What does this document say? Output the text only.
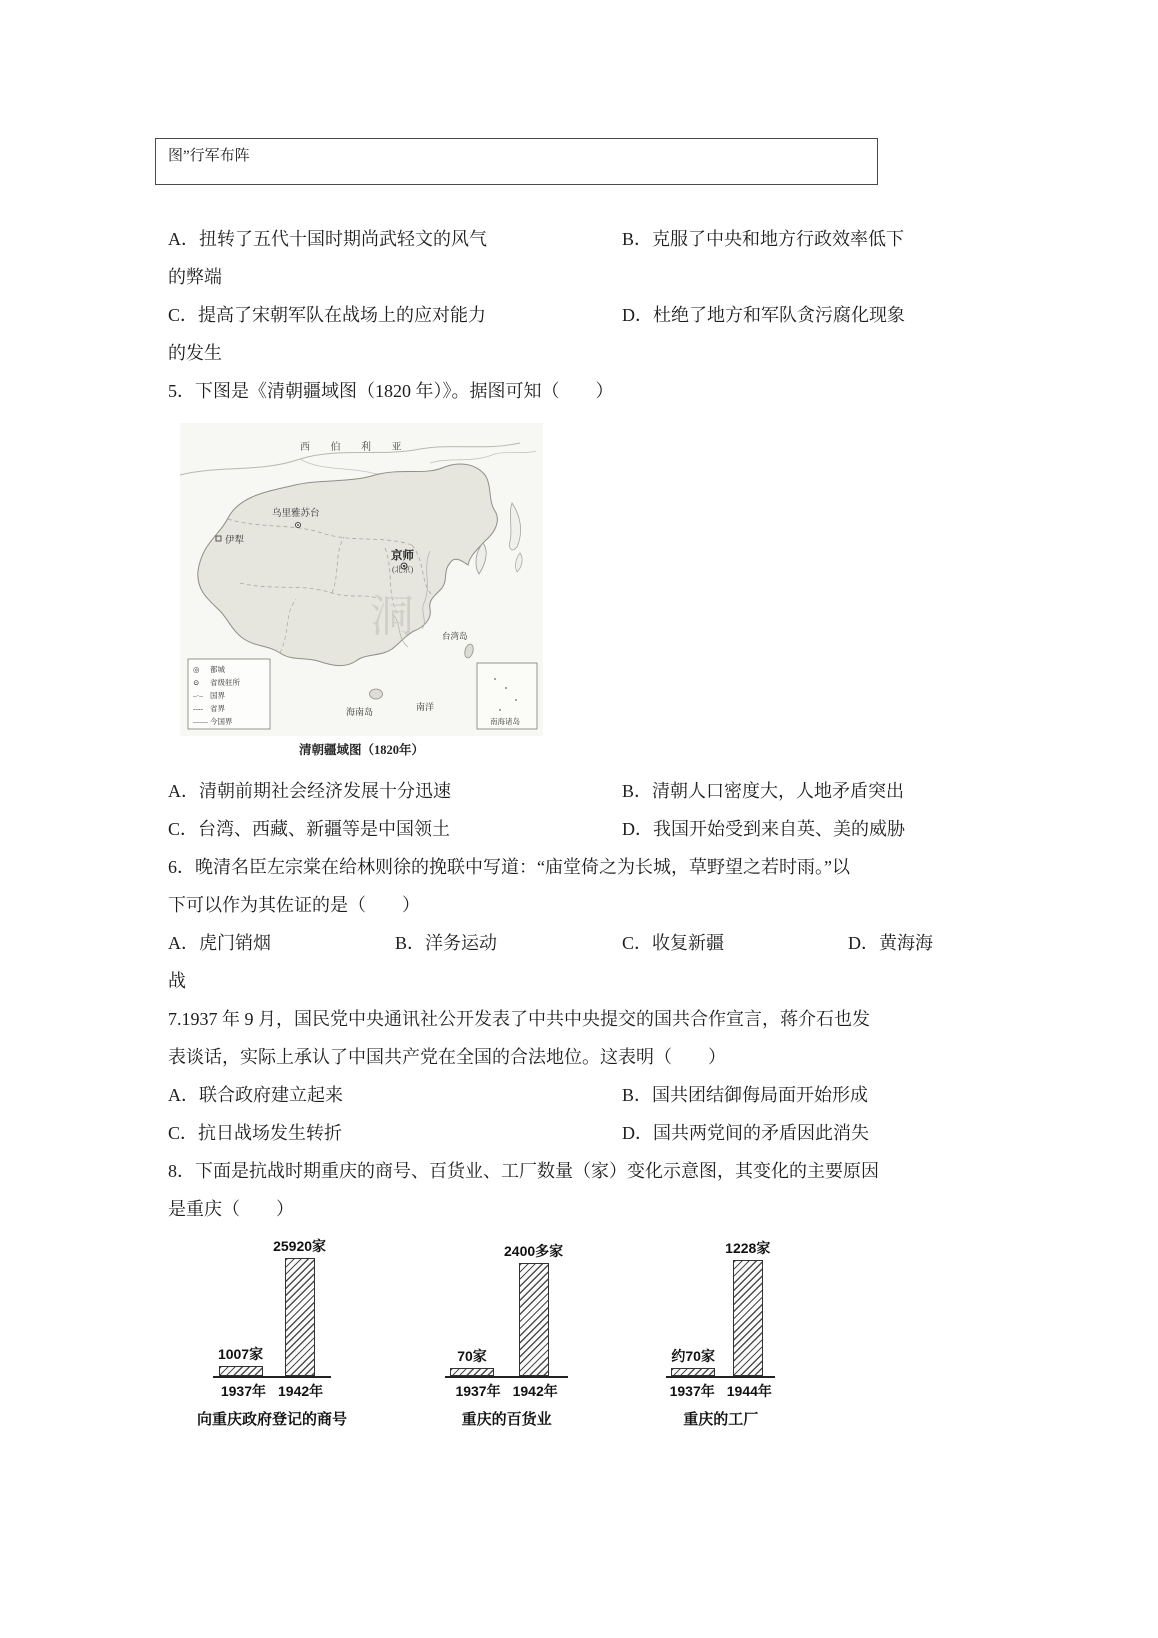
图”行军布阵
A．扭转了五代十国时期尚武轻文的风气	B．克服了中央和地方行政效率低下
的弊端
C．提高了宋朝军队在战场上的应对能力	D．杜绝了地方和军队贪污腐化现象
的发生
5．下图是《清朝疆域图（1820 年）》。据图可知（　　）
洞
西 伯 利 亚
乌里雅苏台
伊犁
京师
(北京)
台湾岛
海南岛	南洋
◎ 都城
⊙ 省级驻所
–·– 国界
---- 省界
—— 今国界	南海诸岛
清朝疆域图（1820年）
A．清朝前期社会经济发展十分迅速	B．清朝人口密度大，人地矛盾突出
C．台湾、西藏、新疆等是中国领土	D．我国开始受到来自英、美的威胁
6．晚清名臣左宗棠在给林则徐的挽联中写道：“庙堂倚之为长城，草野望之若时雨。”以
下可以作为其佐证的是（　　）
A．虎门销烟	B．洋务运动	C．收复新疆	D．黄海海
战
7.1937 年 9 月，国民党中央通讯社公开发表了中共中央提交的国共合作宣言，蒋介石也发
表谈话，实际上承认了中国共产党在全国的合法地位。这表明（　　）
A．联合政府建立起来	B．国共团结御侮局面开始形成
C．抗日战场发生转折	D．国共两党间的矛盾因此消失
8．下面是抗战时期重庆的商号、百货业、工厂数量（家）变化示意图，其变化的主要原因
是重庆（　　）
1007家
25920家
1937年 1942年
向重庆政府登记的商号
70家
2400多家
1937年 1942年
重庆的百货业
约70家
1228家
1937年 1944年
重庆的工厂
